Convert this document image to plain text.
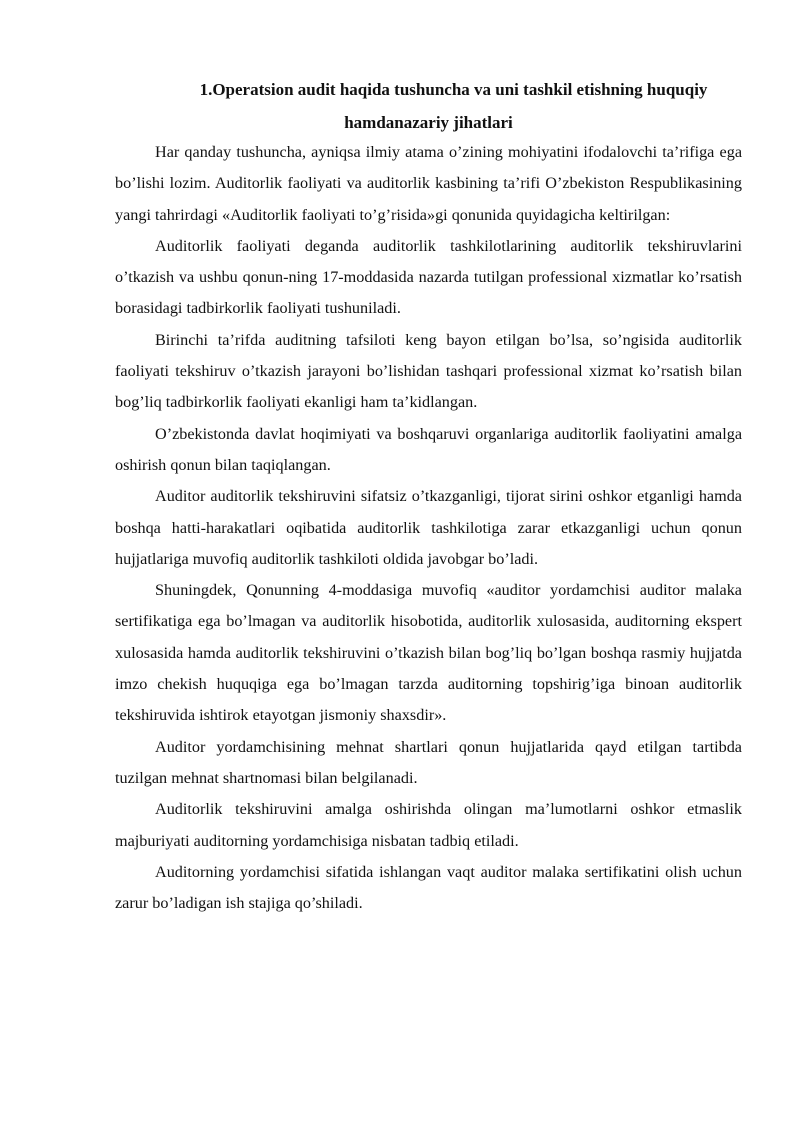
1.Operatsion audit haqida tushuncha va uni tashkil etishning huquqiy
hamdanazariy jihatlari

Har qanday tushuncha, ayniqsa ilmiy atama o’zining mohiyatini ifodalovchi ta’rifiga ega bo’lishi lozim. Auditorlik faoliyati va auditorlik kasbining ta’rifi O’zbekiston Respublikasining yangi tahrirdagi «Auditorlik faoliyati to’g’risida»gi qonunida quyidagicha keltirilgan:

Auditorlik faoliyati deganda auditorlik tashkilotlarining auditorlik tekshiruvlarini o’tkazish va ushbu qonun-ning 17-moddasida nazarda tutilgan professional xizmatlar ko’rsatish borasidagi tadbirkorlik faoliyati tushuniladi.

Birinchi ta’rifda auditning tafsiloti keng bayon etilgan bo’lsa, so’ngisida auditorlik faoliyati tekshiruv o’tkazish jarayoni bo’lishidan tashqari professional xizmat ko’rsatish bilan bog’liq tadbirkorlik faoliyati ekanligi ham ta’kidlangan.

O’zbekistonda davlat hoqimiyati va boshqaruvi organlariga auditorlik faoliyatini amalga oshirish qonun bilan taqiqlangan.

Auditor auditorlik tekshiruvini sifatsiz o’tkazganligi, tijorat sirini oshkor etganligi hamda boshqa hatti-harakatlari oqibatida auditorlik tashkilotiga zarar etkazganligi uchun qonun hujjatlariga muvofiq auditorlik tashkiloti oldida javobgar bo’ladi.

Shuningdek, Qonunning 4-moddasiga muvofiq «auditor yordamchisi auditor malaka sertifikatiga ega bo’lmagan va auditorlik hisobotida, auditorlik xulosasida, auditorning ekspert xulosasida hamda auditorlik tekshiruvini o’tkazish bilan bog’liq bo’lgan boshqa rasmiy hujjatda imzo chekish huquqiga ega bo’lmagan tarzda auditorning topshirig’iga binoan auditorlik tekshiruvida ishtirok etayotgan jismoniy shaxsdir».

Auditor yordamchisining mehnat shartlari qonun hujjatlarida qayd etilgan tartibda tuzilgan mehnat shartnomasi bilan belgilanadi.

Auditorlik tekshiruvini amalga oshirishda olingan ma’lumotlarni oshkor etmaslik majburiyati auditorning yordamchisiga nisbatan tadbiq etiladi.

Auditorning yordamchisi sifatida ishlangan vaqt auditor malaka sertifikatini olish uchun zarur bo’ladigan ish stajiga qo’shiladi.
